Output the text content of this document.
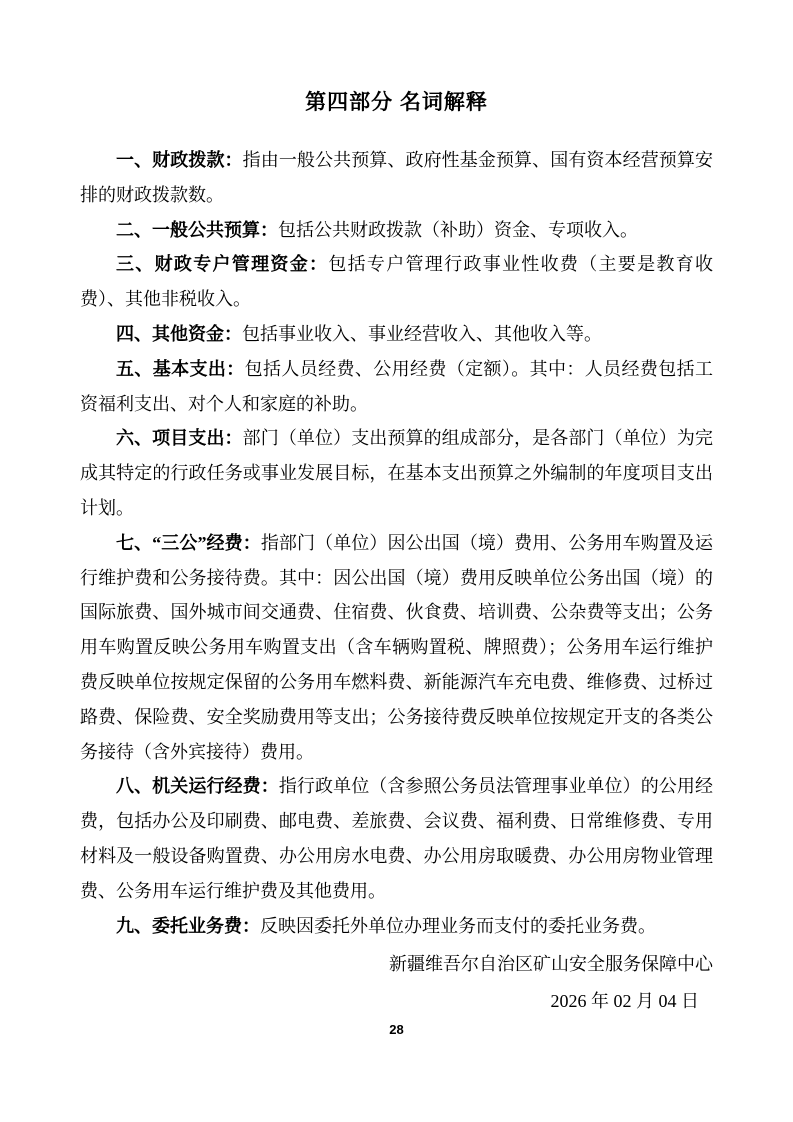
第四部分 名词解释

一、财政拨款：指由一般公共预算、政府性基金预算、国有资本经营预算安排的财政拨款数。

二、一般公共预算：包括公共财政拨款（补助）资金、专项收入。

三、财政专户管理资金：包括专户管理行政事业性收费（主要是教育收费）、其他非税收入。

四、其他资金：包括事业收入、事业经营收入、其他收入等。

五、基本支出：包括人员经费、公用经费（定额）。其中：人员经费包括工资福利支出、对个人和家庭的补助。

六、项目支出：部门（单位）支出预算的组成部分，是各部门（单位）为完成其特定的行政任务或事业发展目标，在基本支出预算之外编制的年度项目支出计划。

七、“三公”经费：指部门（单位）因公出国（境）费用、公务用车购置及运行维护费和公务接待费。其中：因公出国（境）费用反映单位公务出国（境）的国际旅费、国外城市间交通费、住宿费、伙食费、培训费、公杂费等支出；公务用车购置反映公务用车购置支出（含车辆购置税、牌照费）；公务用车运行维护费反映单位按规定保留的公务用车燃料费、新能源汽车充电费、维修费、过桥过路费、保险费、安全奖励费用等支出；公务接待费反映单位按规定开支的各类公务接待（含外宾接待）费用。

八、机关运行经费：指行政单位（含参照公务员法管理事业单位）的公用经费，包括办公及印刷费、邮电费、差旅费、会议费、福利费、日常维修费、专用材料及一般设备购置费、办公用房水电费、办公用房取暖费、办公用房物业管理费、公务用车运行维护费及其他费用。

九、委托业务费：反映因委托外单位办理业务而支付的委托业务费。

新疆维吾尔自治区矿山安全服务保障中心

2026 年 02 月 04 日

28
